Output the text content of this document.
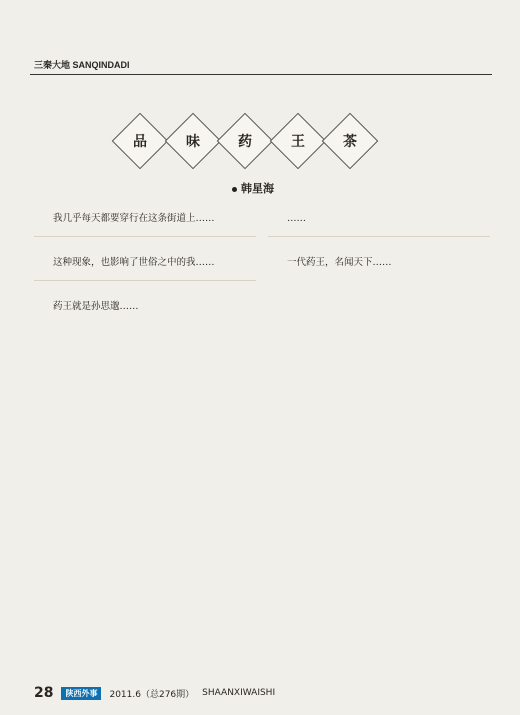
三秦大地 SANQINDADI
品	味	药	王	茶
韩星海

我几乎每天都要穿行在这条街道上……

这种现象，也影响了世俗之中的我……

药王就是孙思邈……

……

一代药王，名闻天下……

28	陕西外事	2011.6（总276期） SHAANXIWAISHI
